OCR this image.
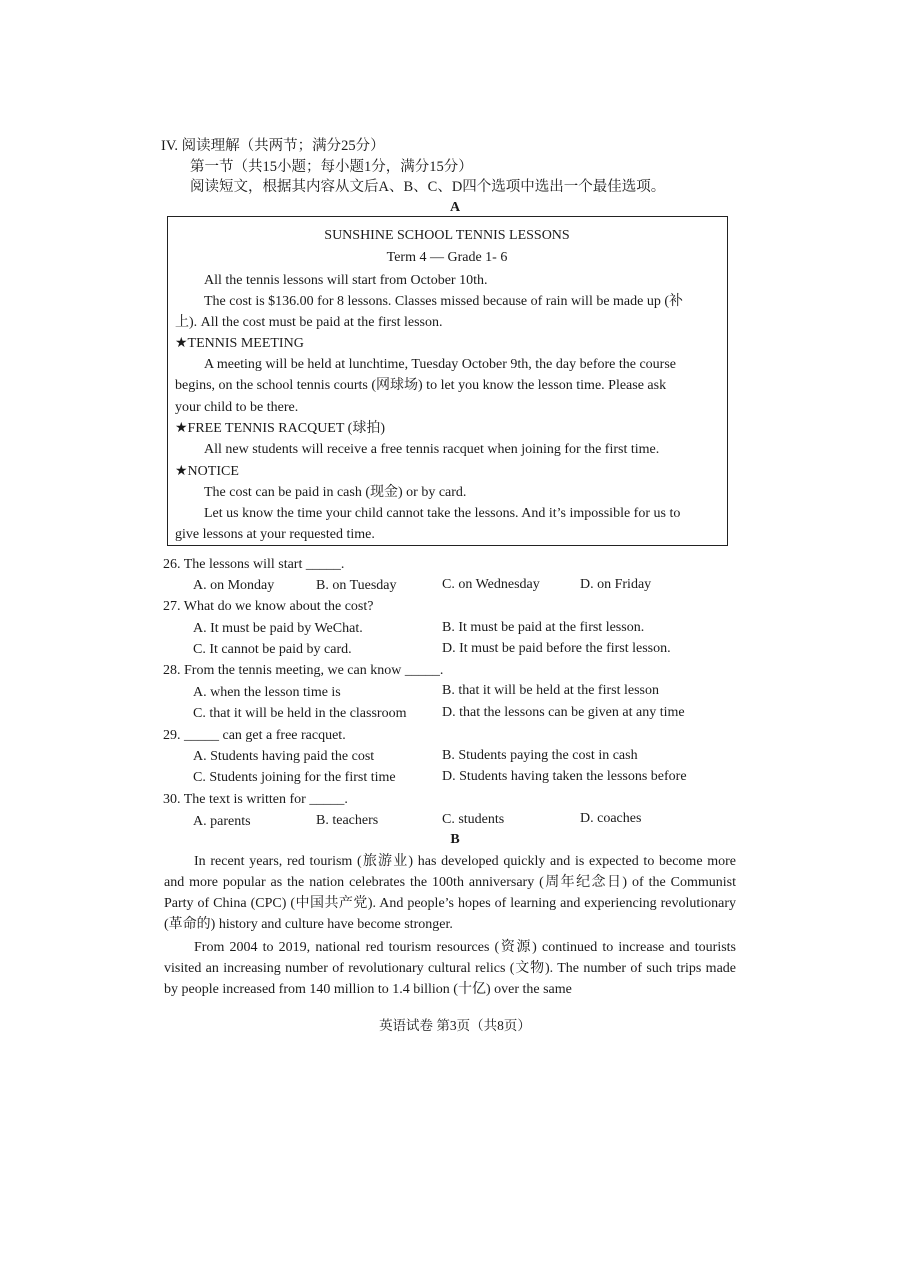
IV. 阅读理解（共两节；满分25分）
第一节（共15小题；每小题1分，满分15分）
阅读短文，根据其内容从文后A、B、C、D四个选项中选出一个最佳选项。
A
SUNSHINE SCHOOL TENNIS LESSONS
Term 4 — Grade 1- 6
All the tennis lessons will start from October 10th.
The cost is $136.00 for 8 lessons. Classes missed because of rain will be made up (补
上). All the cost must be paid at the first lesson.
★TENNIS MEETING
A meeting will be held at lunchtime, Tuesday October 9th, the day before the course
begins, on the school tennis courts (网球场) to let you know the lesson time. Please ask
your child to be there.
★FREE TENNIS RACQUET (球拍)
All new students will receive a free tennis racquet when joining for the first time.
★NOTICE
The cost can be paid in cash (现金) or by card.
Let us know the time your child cannot take the lessons. And it’s impossible for us to
give lessons at your requested time.
26. The lessons will start _____.
A. on Monday	B. on Tuesday	C. on Wednesday	D. on Friday
27. What do we know about the cost?
A. It must be paid by WeChat.	B. It must be paid at the first lesson.
C. It cannot be paid by card.	D. It must be paid before the first lesson.
28. From the tennis meeting, we can know _____.
A. when the lesson time is	B. that it will be held at the first lesson
C. that it will be held in the classroom	D. that the lessons can be given at any time
29. _____ can get a free racquet.
A. Students having paid the cost	B. Students paying the cost in cash
C. Students joining for the first time	D. Students having taken the lessons before
30. The text is written for _____.
A. parents	B. teachers	C. students	D. coaches
B
In recent years, red tourism (旅游业) has developed quickly and is expected to become more and more popular as the nation celebrates the 100th anniversary (周年纪念日) of the Communist Party of China (CPC) (中国共产党). And people’s hopes of learning and experiencing revolutionary (革命的) history and culture have become stronger.
From 2004 to 2019, national red tourism resources (资源) continued to increase and tourists visited an increasing number of revolutionary cultural relics (文物). The number of such trips made by people increased from 140 million to 1.4 billion (十亿) over the same
英语试卷 第3页（共8页）
